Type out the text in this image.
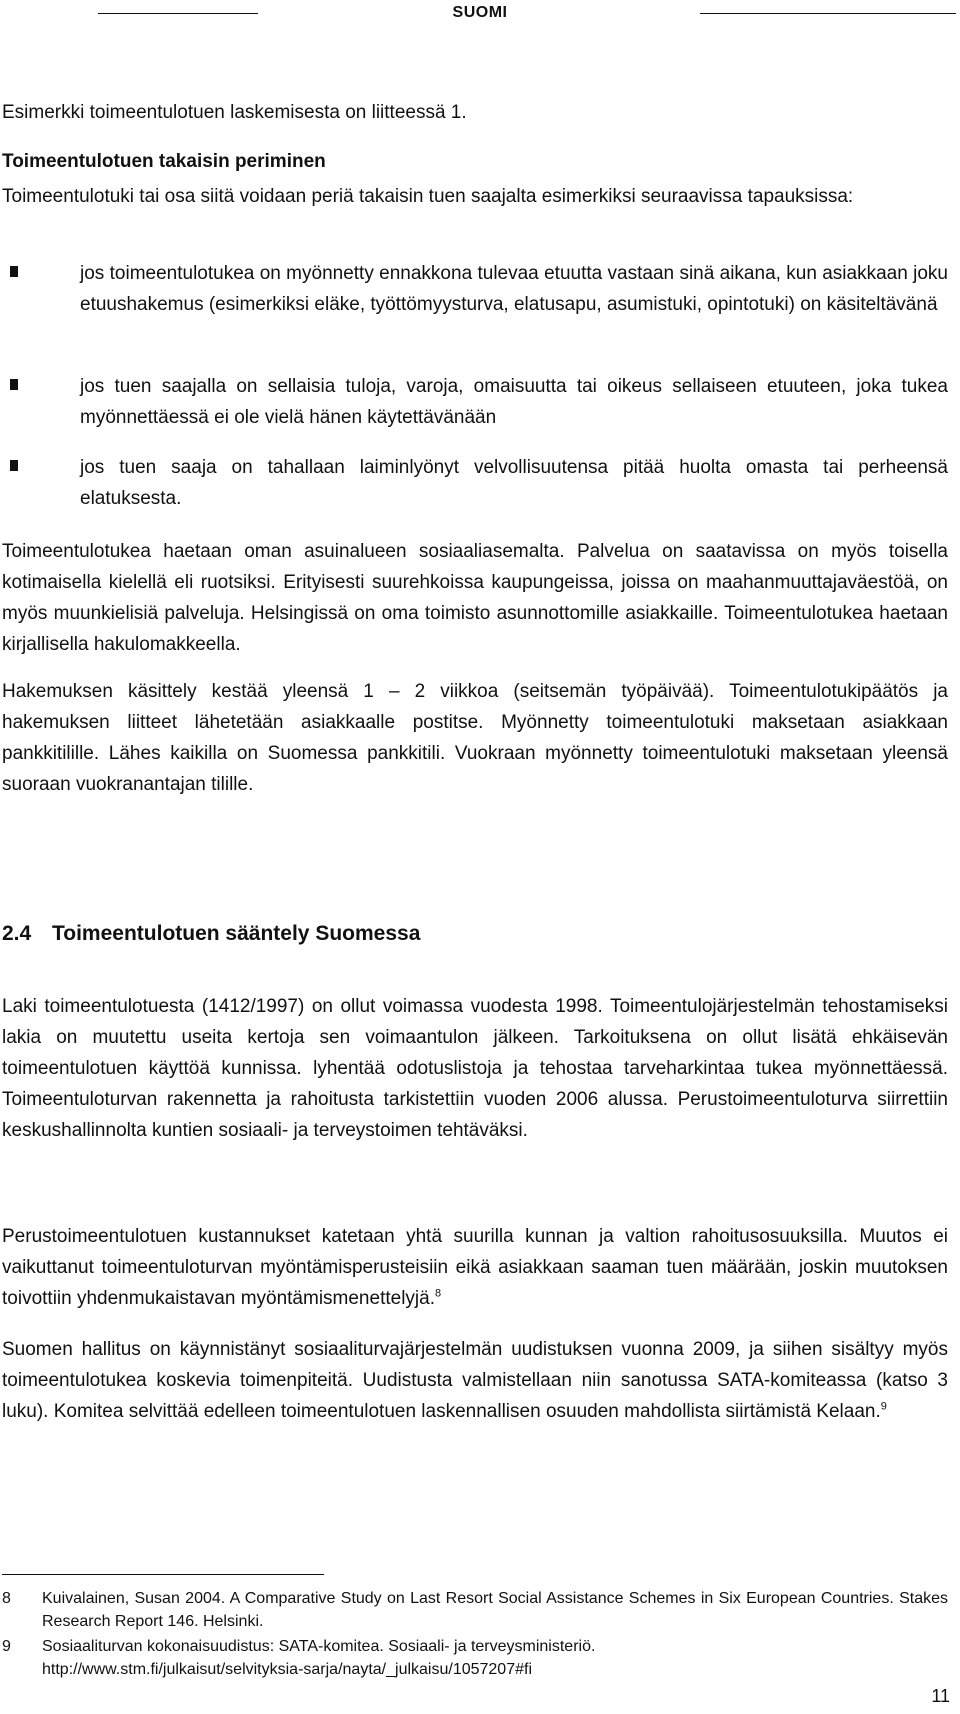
SUOMI

Esimerkki toimeentulotuen laskemisesta on liitteessä 1.

Toimeentulotuen takaisin periminen

Toimeentulotuki tai osa siitä voidaan periä takaisin tuen saajalta esimerkiksi seuraavissa tapauksissa:

jos toimeentulotukea on myönnetty ennakkona tulevaa etuutta vastaan sinä aikana, kun asiakkaan joku etuushakemus (esimerkiksi eläke, työttömyysturva, elatusapu, asumistuki, opintotuki) on käsiteltävänä

jos tuen saajalla on sellaisia tuloja, varoja, omaisuutta tai oikeus sellaiseen etuuteen, joka tukea myönnettäessä ei ole vielä hänen käytettävänään

jos tuen saaja on tahallaan laiminlyönyt velvollisuutensa pitää huolta omasta tai perheensä elatuksesta.

Toimeentulotukea haetaan oman asuinalueen sosiaaliasemalta. Palvelua on saatavissa on myös toisella kotimaisella kielellä eli ruotsiksi. Erityisesti suurehkoissa kaupungeissa, joissa on maahanmuuttajaväestöä, on myös muunkielisiä palveluja. Helsingissä on oma toimisto asunnottomille asiakkaille. Toimeentulotukea haetaan kirjallisella hakulomakkeella.

Hakemuksen käsittely kestää yleensä 1 – 2 viikkoa (seitsemän työpäivää). Toimeentulotukipäätös ja hakemuksen liitteet lähetetään asiakkaalle postitse. Myönnetty toimeentulotuki maksetaan asiakkaan pankkitilille. Lähes kaikilla on Suomessa pankkitili. Vuokraan myönnetty toimeentulotuki maksetaan yleensä suoraan vuokranantajan tilille.

2.4 Toimeentulotuen sääntely Suomessa

Laki toimeentulotuesta (1412/1997) on ollut voimassa vuodesta 1998. Toimeentulojärjestelmän tehostamiseksi lakia on muutettu useita kertoja sen voimaantulon jälkeen. Tarkoituksena on ollut lisätä ehkäisevän toimeentulotuen käyttöä kunnissa. lyhentää odotuslistoja ja tehostaa tarveharkintaa tukea myönnettäessä. Toimeentuloturvan rakennetta ja rahoitusta tarkistettiin vuoden 2006 alussa. Perustoimeentuloturva siirrettiin keskushallinnolta kuntien sosiaali- ja terveystoimen tehtäväksi.

Perustoimeentulotuen kustannukset katetaan yhtä suurilla kunnan ja valtion rahoitusosuuksilla. Muutos ei vaikuttanut toimeentuloturvan myöntämisperusteisiin eikä asiakkaan saaman tuen määrään, joskin muutoksen toivottiin yhdenmukaistavan myöntämismenettelyjä.$^8$

Suomen hallitus on käynnistänyt sosiaaliturvajärjestelmän uudistuksen vuonna 2009, ja siihen sisältyy myös toimeentulotukea koskevia toimenpiteitä. Uudistusta valmistellaan niin sanotussa SATA-komiteassa (katso 3 luku). Komitea selvittää edelleen toimeentulotuen laskennallisen osuuden mahdollista siirtämistä Kelaan.$^9$

8 Kuivalainen, Susan 2004. A Comparative Study on Last Resort Social Assistance Schemes in Six European Countries. Stakes Research Report 146. Helsinki.
9 Sosiaaliturvan kokonaisuudistus: SATA-komitea. Sosiaali- ja terveysministeriö.
http://www.stm.fi/julkaisut/selvityksia-sarja/nayta/_julkaisu/1057207#fi
11
